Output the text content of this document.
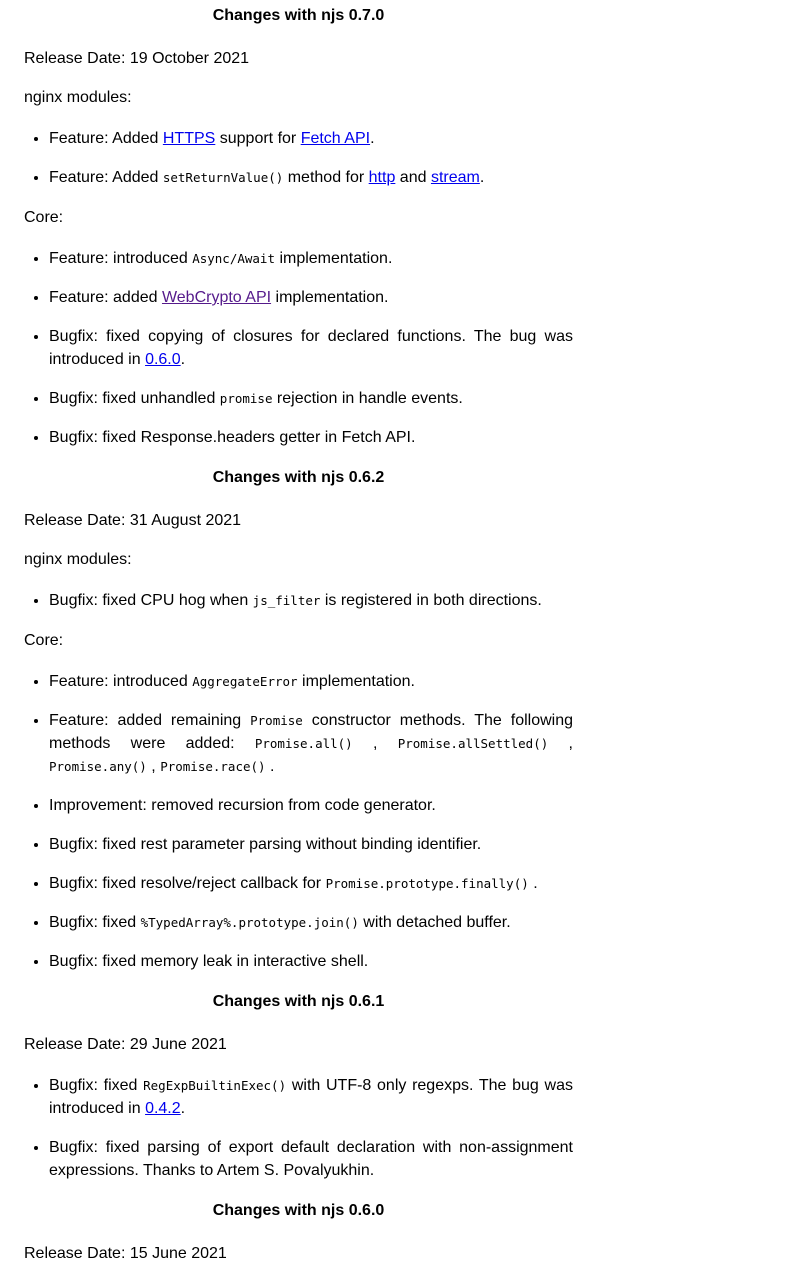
Changes with njs 0.7.0
Release Date: 19 October 2021
nginx modules:
• Feature: Added HTTPS support for Fetch API.
• Feature: Added setReturnValue() method for http and stream.
Core:
• Feature: introduced Async/Await implementation.
• Feature: added WebCrypto API implementation.
• Bugfix: fixed copying of closures for declared functions. The bug was introduced in 0.6.0.
• Bugfix: fixed unhandled promise rejection in handle events.
• Bugfix: fixed Response.headers getter in Fetch API.
Changes with njs 0.6.2
Release Date: 31 August 2021
nginx modules:
• Bugfix: fixed CPU hog when js_filter is registered in both directions.
Core:
• Feature: introduced AggregateError implementation.
• Feature: added remaining Promise constructor methods. The following methods were added: Promise.all() , Promise.allSettled() , Promise.any() , Promise.race() .
• Improvement: removed recursion from code generator.
• Bugfix: fixed rest parameter parsing without binding identifier.
• Bugfix: fixed resolve/reject callback for Promise.prototype.finally() .
• Bugfix: fixed %TypedArray%.prototype.join() with detached buffer.
• Bugfix: fixed memory leak in interactive shell.
Changes with njs 0.6.1
Release Date: 29 June 2021
• Bugfix: fixed RegExpBuiltinExec() with UTF-8 only regexps. The bug was introduced in 0.4.2.
• Bugfix: fixed parsing of export default declaration with non-assignment expressions. Thanks to Artem S. Povalyukhin.
Changes with njs 0.6.0
Release Date: 15 June 2021
